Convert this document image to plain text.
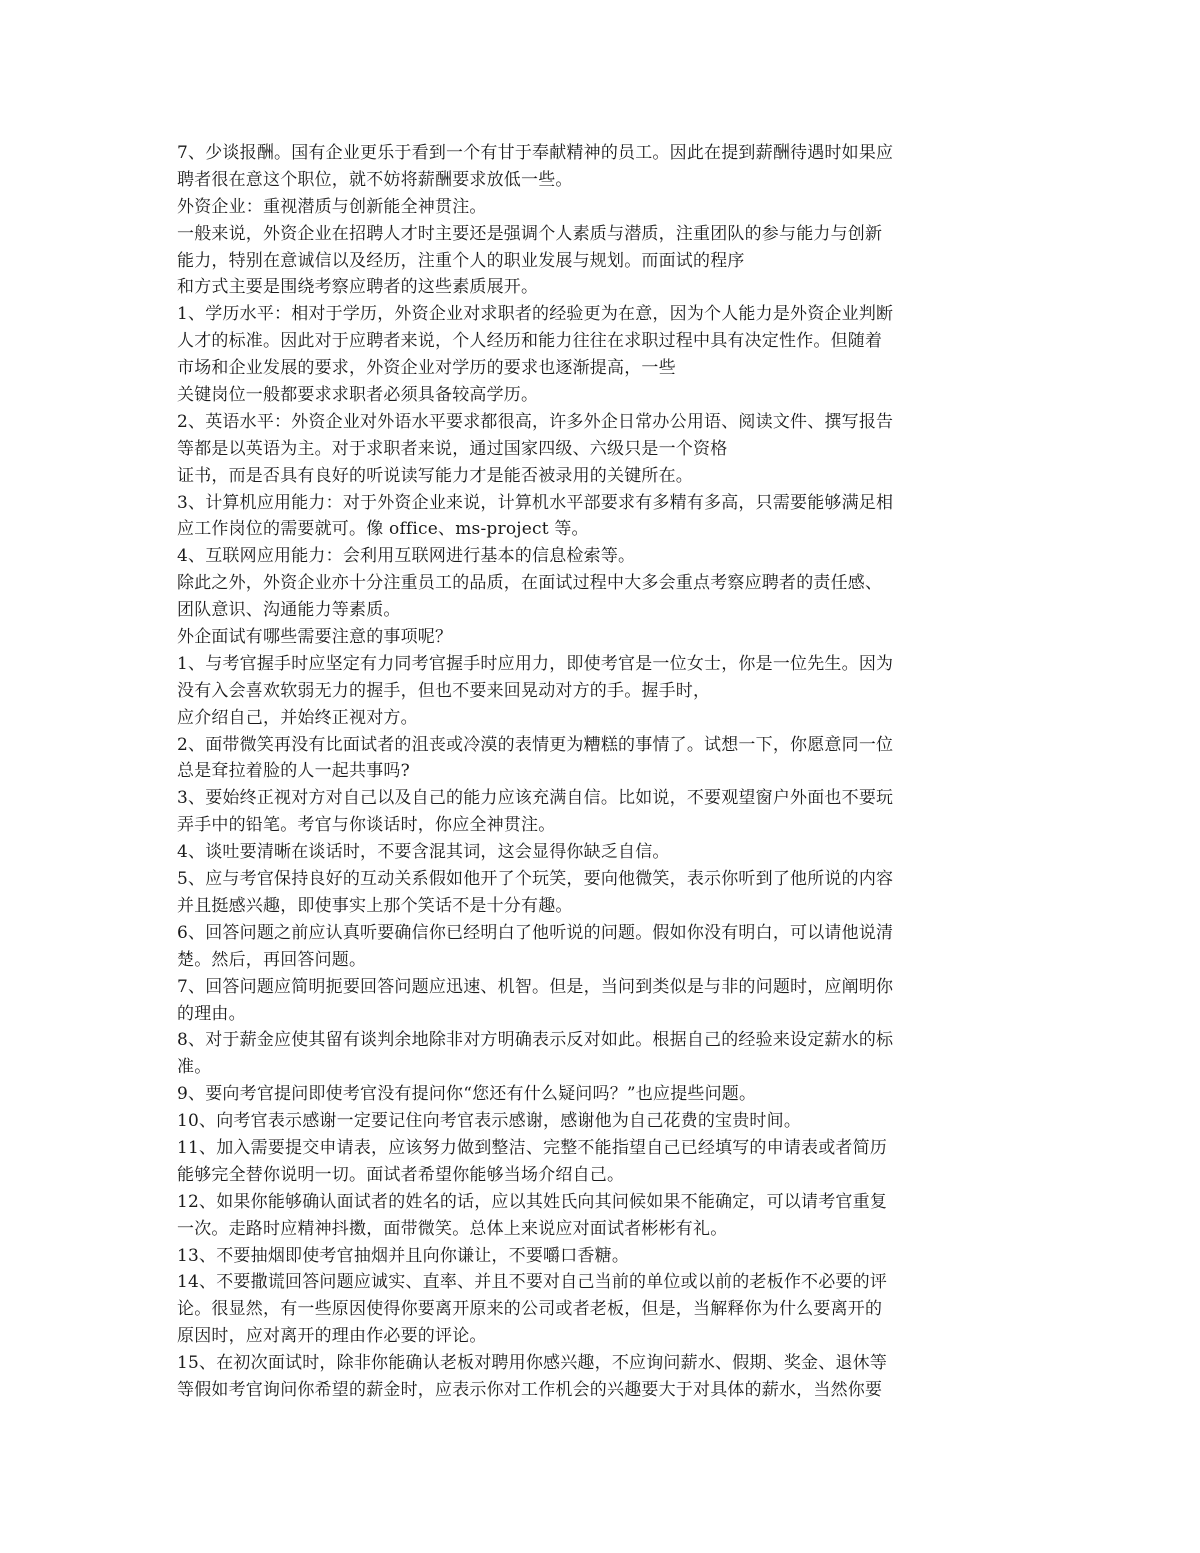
7、少谈报酬。国有企业更乐于看到一个有甘于奉献精神的员工。因此在提到薪酬待遇时如果应
聘者很在意这个职位，就不妨将薪酬要求放低一些。
外资企业：重视潜质与创新能全神贯注。
一般来说，外资企业在招聘人才时主要还是强调个人素质与潜质，注重团队的参与能力与创新
能力，特别在意诚信以及经历，注重个人的职业发展与规划。而面试的程序
和方式主要是围绕考察应聘者的这些素质展开。
1、学历水平：相对于学历，外资企业对求职者的经验更为在意，因为个人能力是外资企业判断
人才的标准。因此对于应聘者来说，个人经历和能力往往在求职过程中具有决定性作。但随着
市场和企业发展的要求，外资企业对学历的要求也逐渐提高，一些
关键岗位一般都要求求职者必须具备较高学历。
2、英语水平：外资企业对外语水平要求都很高，许多外企日常办公用语、阅读文件、撰写报告
等都是以英语为主。对于求职者来说，通过国家四级、六级只是一个资格
证书，而是否具有良好的听说读写能力才是能否被录用的关键所在。
3、计算机应用能力：对于外资企业来说，计算机水平部要求有多精有多高，只需要能够满足相
应工作岗位的需要就可。像 office、ms-project 等。
4、互联网应用能力：会利用互联网进行基本的信息检索等。
除此之外，外资企业亦十分注重员工的品质，在面试过程中大多会重点考察应聘者的责任感、
团队意识、沟通能力等素质。
外企面试有哪些需要注意的事项呢？
1、与考官握手时应坚定有力同考官握手时应用力，即使考官是一位女士，你是一位先生。因为
没有入会喜欢软弱无力的握手，但也不要来回晃动对方的手。握手时，
应介绍自己，并始终正视对方。
2、面带微笑再没有比面试者的沮丧或冷漠的表情更为糟糕的事情了。试想一下，你愿意同一位
总是耷拉着脸的人一起共事吗?
3、要始终正视对方对自己以及自己的能力应该充满自信。比如说，不要观望窗户外面也不要玩
弄手中的铅笔。考官与你谈话时，你应全神贯注。
4、谈吐要清晰在谈话时，不要含混其词，这会显得你缺乏自信。
5、应与考官保持良好的互动关系假如他开了个玩笑，要向他微笑，表示你听到了他所说的内容
并且挺感兴趣，即使事实上那个笑话不是十分有趣。
6、回答问题之前应认真听要确信你已经明白了他听说的问题。假如你没有明白，可以请他说清
楚。然后，再回答问题。
7、回答问题应简明扼要回答问题应迅速、机智。但是，当问到类似是与非的问题时，应阐明你
的理由。
8、对于薪金应使其留有谈判余地除非对方明确表示反对如此。根据自己的经验来设定薪水的标
准。
9、要向考官提问即使考官没有提问你“您还有什么疑问吗？”也应提些问题。
10、向考官表示感谢一定要记住向考官表示感谢，感谢他为自己花费的宝贵时间。
11、加入需要提交申请表，应该努力做到整洁、完整不能指望自己已经填写的申请表或者简历
能够完全替你说明一切。面试者希望你能够当场介绍自己。
12、如果你能够确认面试者的姓名的话，应以其姓氏向其问候如果不能确定，可以请考官重复
一次。走路时应精神抖擞，面带微笑。总体上来说应对面试者彬彬有礼。
13、不要抽烟即使考官抽烟并且向你谦让，不要嚼口香糖。
14、不要撒谎回答问题应诚实、直率、并且不要对自己当前的单位或以前的老板作不必要的评
论。很显然，有一些原因使得你要离开原来的公司或者老板，但是，当解释你为什么要离开的
原因时，应对离开的理由作必要的评论。
15、在初次面试时，除非你能确认老板对聘用你感兴趣，不应询问薪水、假期、奖金、退休等
等假如考官询问你希望的薪金时，应表示你对工作机会的兴趣要大于对具体的薪水，当然你要
